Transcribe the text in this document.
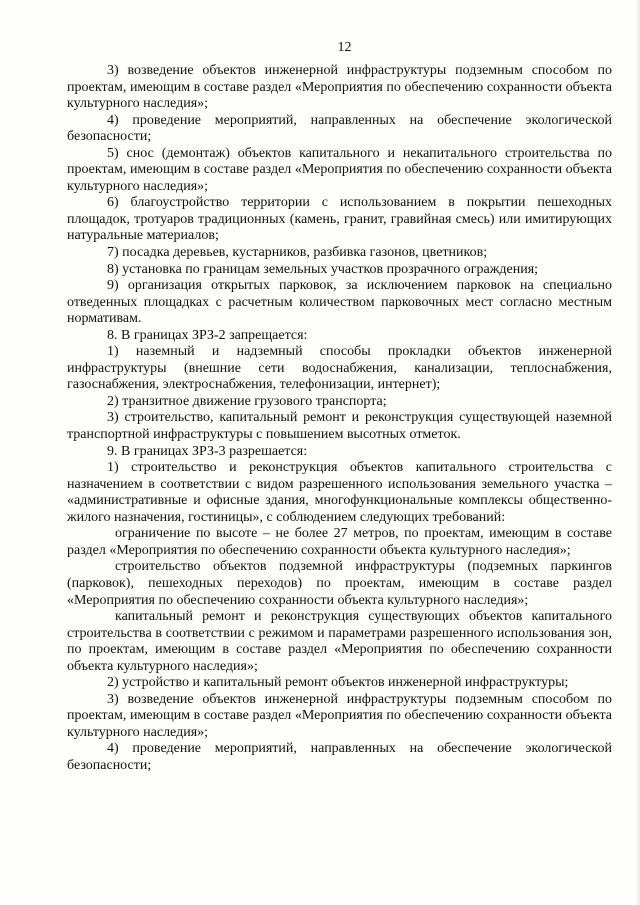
12

3) возведение объектов инженерной инфраструктуры подземным способом по проектам, имеющим в составе раздел «Мероприятия по обеспечению сохранности объекта культурного наследия»;

4) проведение мероприятий, направленных на обеспечение экологической безопасности;

5) снос (демонтаж) объектов капитального и некапитального строительства по проектам, имеющим в составе раздел «Мероприятия по обеспечению сохранности объекта культурного наследия»;

6) благоустройство территории с использованием в покрытии пешеходных площадок, тротуаров традиционных (камень, гранит, гравийная смесь) или имитирующих натуральные материалов;

7) посадка деревьев, кустарников, разбивка газонов, цветников;

8) установка по границам земельных участков прозрачного ограждения;

9) организация открытых парковок, за исключением парковок на специально отведенных площадках с расчетным количеством парковочных мест согласно местным нормативам.

8. В границах ЗРЗ-2 запрещается:

1) наземный и надземный способы прокладки объектов инженерной инфраструктуры (внешние сети водоснабжения, канализации, теплоснабжения, газоснабжения, электроснабжения, телефонизации, интернет);

2) транзитное движение грузового транспорта;

3) строительство, капитальный ремонт и реконструкция существующей наземной транспортной инфраструктуры с повышением высотных отметок.

9. В границах ЗРЗ-3 разрешается:

1) строительство и реконструкция объектов капитального строительства с назначением в соответствии с видом разрешенного использования земельного участка – «административные и офисные здания, многофункциональные комплексы общественно-жилого назначения, гостиницы», с соблюдением следующих требований:

ограничение по высоте – не более 27 метров, по проектам, имеющим в составе раздел «Мероприятия по обеспечению сохранности объекта культурного наследия»;

строительство объектов подземной инфраструктуры (подземных паркингов (парковок), пешеходных переходов) по проектам, имеющим в составе раздел «Мероприятия по обеспечению сохранности объекта культурного наследия»;

капитальный ремонт и реконструкция существующих объектов капитального строительства в соответствии с режимом и параметрами разрешенного использования зон, по проектам, имеющим в составе раздел «Мероприятия по обеспечению сохранности объекта культурного наследия»;

2) устройство и капитальный ремонт объектов инженерной инфраструктуры;

3) возведение объектов инженерной инфраструктуры подземным способом по проектам, имеющим в составе раздел «Мероприятия по обеспечению сохранности объекта культурного наследия»;

4) проведение мероприятий, направленных на обеспечение экологической безопасности;
